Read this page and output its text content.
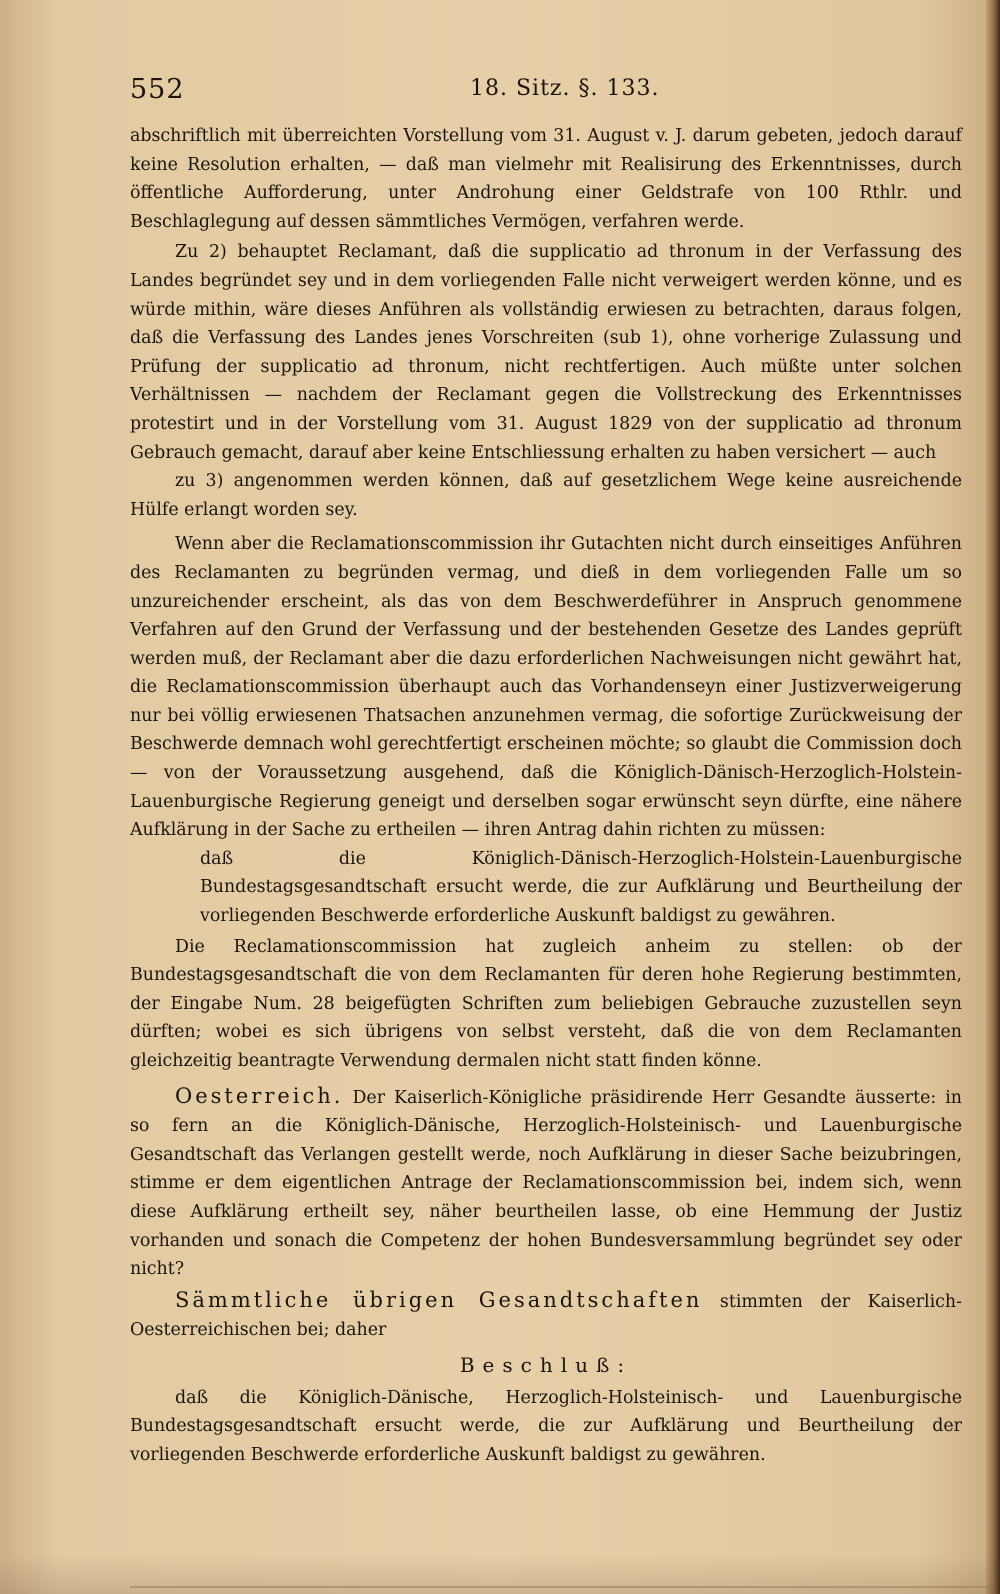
552	18. Sitz. §. 133.

abschriftlich mit überreichten Vorstellung vom 31. August v. J. darum gebeten, jedoch darauf keine Resolution erhalten, — daß man vielmehr mit Realisirung des Erkenntnisses, durch öffentliche Aufforderung, unter Androhung einer Geldstrafe von 100 Rthlr. und Beschlaglegung auf dessen sämmtliches Vermögen, verfahren werde.

Zu 2) behauptet Reclamant, daß die supplicatio ad thronum in der Verfassung des Landes begründet sey und in dem vorliegenden Falle nicht verweigert werden könne, und es würde mithin, wäre dieses Anführen als vollständig erwiesen zu betrachten, daraus folgen, daß die Verfassung des Landes jenes Vorschreiten (sub 1), ohne vorherige Zulassung und Prüfung der supplicatio ad thronum, nicht rechtfertigen. Auch müßte unter solchen Verhältnissen — nachdem der Reclamant gegen die Vollstreckung des Erkenntnisses protestirt und in der Vorstellung vom 31. August 1829 von der supplicatio ad thronum Gebrauch gemacht, darauf aber keine Entschliessung erhalten zu haben versichert — auch

zu 3) angenommen werden können, daß auf gesetzlichem Wege keine ausreichende Hülfe erlangt worden sey.

Wenn aber die Reclamationscommission ihr Gutachten nicht durch einseitiges Anführen des Reclamanten zu begründen vermag, und dieß in dem vorliegenden Falle um so unzureichender erscheint, als das von dem Beschwerdeführer in Anspruch genommene Verfahren auf den Grund der Verfassung und der bestehenden Gesetze des Landes geprüft werden muß, der Reclamant aber die dazu erforderlichen Nachweisungen nicht gewährt hat, die Reclamationscommission überhaupt auch das Vorhandenseyn einer Justizverweigerung nur bei völlig erwiesenen Thatsachen anzunehmen vermag, die sofortige Zurückweisung der Beschwerde demnach wohl gerechtfertigt erscheinen möchte; so glaubt die Commission doch — von der Voraussetzung ausgehend, daß die Königlich-Dänisch-Herzoglich-Holstein-Lauenburgische Regierung geneigt und derselben sogar erwünscht seyn dürfte, eine nähere Aufklärung in der Sache zu ertheilen — ihren Antrag dahin richten zu müssen:

daß die Königlich-Dänisch-Herzoglich-Holstein-Lauenburgische Bundestagsgesandtschaft ersucht werde, die zur Aufklärung und Beurtheilung der vorliegenden Beschwerde erforderliche Auskunft baldigst zu gewähren.

Die Reclamationscommission hat zugleich anheim zu stellen: ob der Bundestagsgesandtschaft die von dem Reclamanten für deren hohe Regierung bestimmten, der Eingabe Num. 28 beigefügten Schriften zum beliebigen Gebrauche zuzustellen seyn dürften; wobei es sich übrigens von selbst versteht, daß die von dem Reclamanten gleichzeitig beantragte Verwendung dermalen nicht statt finden könne.

Oesterreich. Der Kaiserlich-Königliche präsidirende Herr Gesandte äusserte: in so fern an die Königlich-Dänische, Herzoglich-Holsteinisch- und Lauenburgische Gesandtschaft das Verlangen gestellt werde, noch Aufklärung in dieser Sache beizubringen, stimme er dem eigentlichen Antrage der Reclamationscommission bei, indem sich, wenn diese Aufklärung ertheilt sey, näher beurtheilen lasse, ob eine Hemmung der Justiz vorhanden und sonach die Competenz der hohen Bundesversammlung begründet sey oder nicht?

Sämmtliche übrigen Gesandtschaften stimmten der Kaiserlich-Oesterreichischen bei; daher

Beschluß:

daß die Königlich-Dänische, Herzoglich-Holsteinisch- und Lauenburgische Bundestagsgesandtschaft ersucht werde, die zur Aufklärung und Beurtheilung der vorliegenden Beschwerde erforderliche Auskunft baldigst zu gewähren.
